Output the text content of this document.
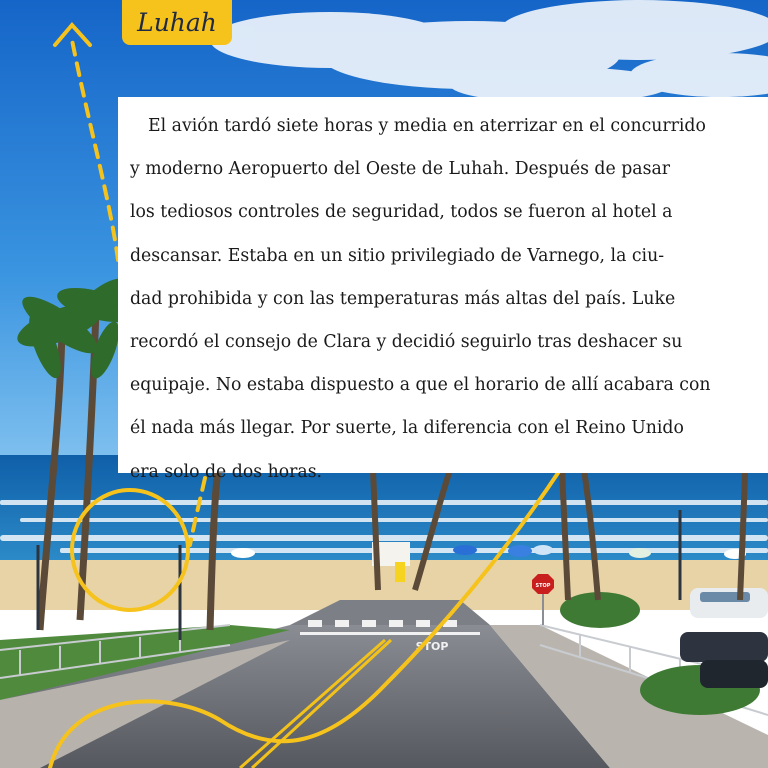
STOP
STOP
Luhah

El avión tardó siete horas y media en aterrizar en el concurrido
y moderno Aeropuerto del Oeste de Luhah. Después de pasar
los tediosos controles de seguridad, todos se fueron al hotel a
descansar. Estaba en un sitio privilegiado de Varnego, la ciu-
dad prohibida y con las temperaturas más altas del país. Luke
recordó el consejo de Clara y decidió seguirlo tras deshacer su
equipaje. No estaba dispuesto a que el horario de allí acabara con
él nada más llegar. Por suerte, la diferencia con el Reino Unido
era solo de dos horas.
